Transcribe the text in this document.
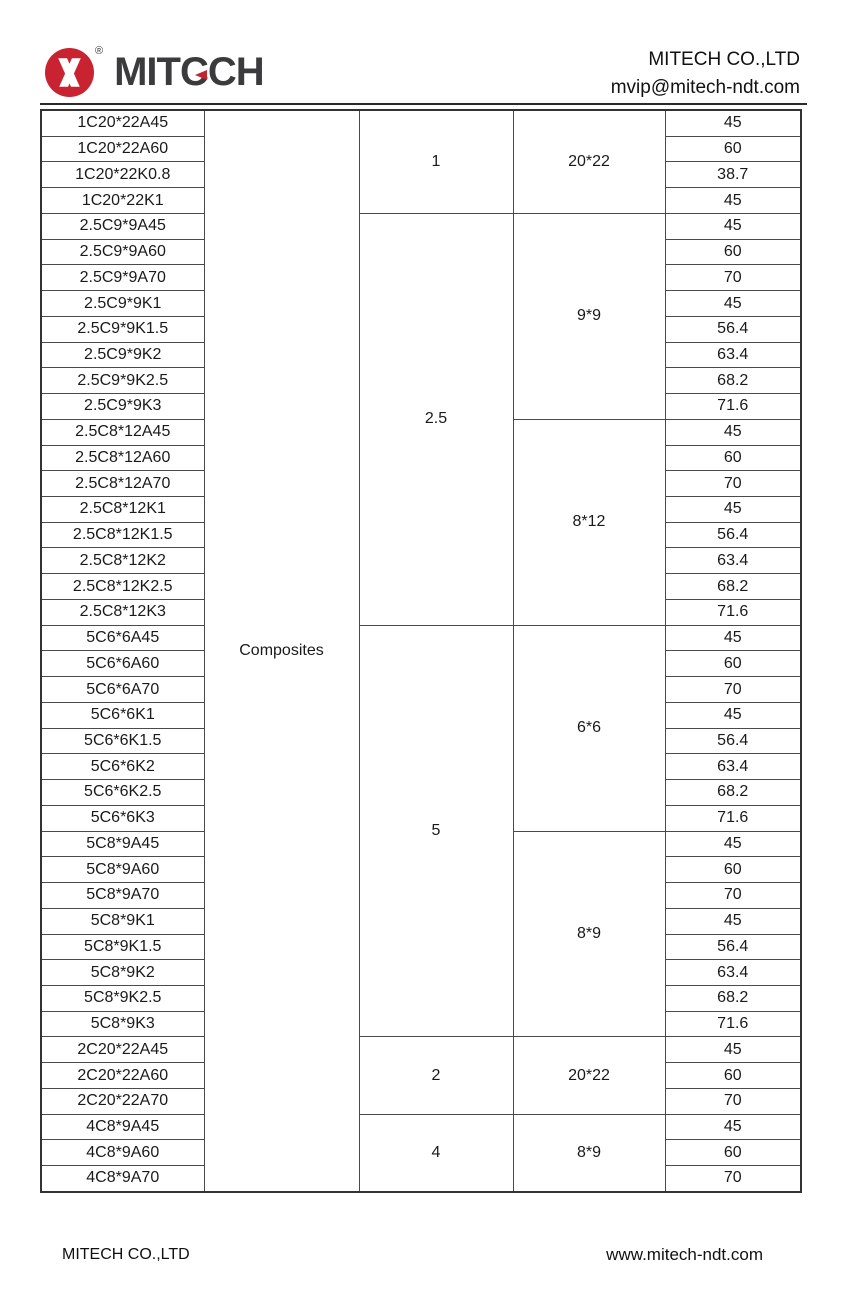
® MITC
CH	MITECH CO.,LTD
mvip@mitech-ndt.com
1C20*22A45	Composites	1	20*22	45
1C20*22A60				60
1C20*22K0.8				38.7
1C20*22K1				45
2.5C9*9A45		2.5	9*9	45
2.5C9*9A60				60
2.5C9*9A70				70
2.5C9*9K1				45
2.5C9*9K1.5				56.4
2.5C9*9K2				63.4
2.5C9*9K2.5				68.2
2.5C9*9K3				71.6
2.5C8*12A45			8*12	45
2.5C8*12A60				60
2.5C8*12A70				70
2.5C8*12K1				45
2.5C8*12K1.5				56.4
2.5C8*12K2				63.4
2.5C8*12K2.5				68.2
2.5C8*12K3				71.6
5C6*6A45		5	6*6	45
5C6*6A60				60
5C6*6A70				70
5C6*6K1				45
5C6*6K1.5				56.4
5C6*6K2				63.4
5C6*6K2.5				68.2
5C6*6K3				71.6
5C8*9A45			8*9	45
5C8*9A60				60
5C8*9A70				70
5C8*9K1				45
5C8*9K1.5				56.4
5C8*9K2				63.4
5C8*9K2.5				68.2
5C8*9K3				71.6
2C20*22A45		2	20*22	45
2C20*22A60				60
2C20*22A70				70
4C8*9A45		4	8*9	45
4C8*9A60				60
4C8*9A70				70
MITECH CO.,LTD	www.mitech-ndt.com
